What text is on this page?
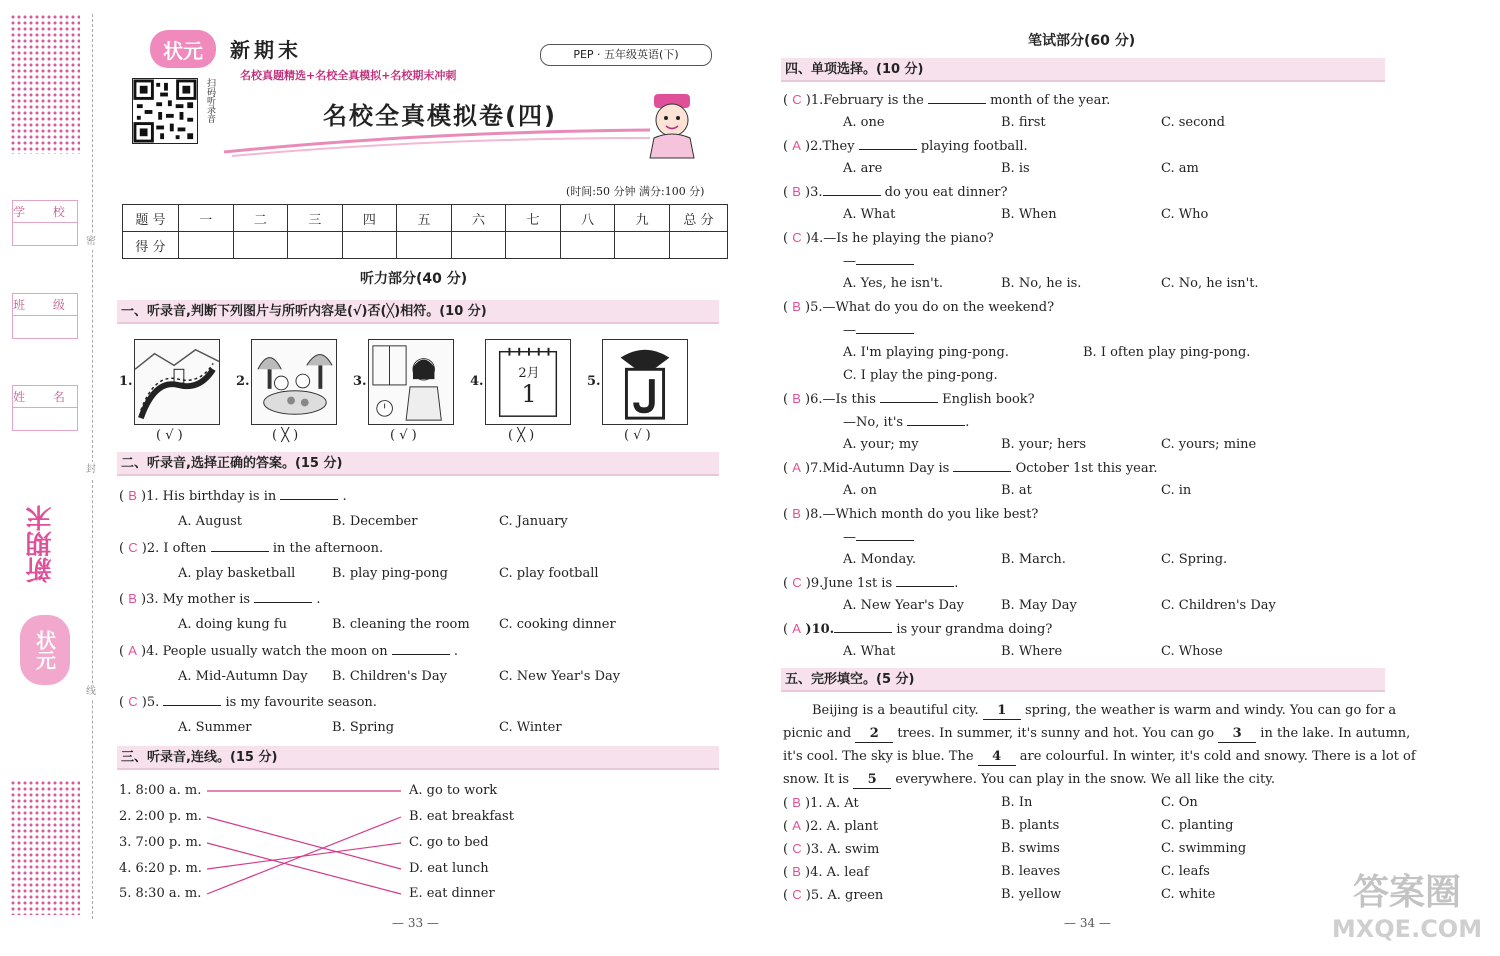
学 校
班 级
姓 名
密
封
线
新期末
状元
状元 新期末	PEP · 五年级英语(下)
名校真题精选+名校全真模拟+名校期末冲刺
扫码听录音	名校全真模拟卷(四)
(时间:50 分钟 满分:100 分)
题 号	一	二	三	四	五	六	七	八	九	总 分
得 分										
听力部分(40 分)
一、听录音,判断下列图片与所听内容是(√)否(╳)相符。(10 分)
1.
( √ )
2.
( ╳ )
3.
( √ )
4.
2月
1
( ╳ )
5.
( √ )
二、听录音,选择正确的答案。(15 分)
( B )1. His birthday is in	.
A. August	B. December	C. January
( C )2. I often	in the afternoon.
A. play basketball	B. play ping-pong	C. play football
( B )3. My mother is	.
A. doing kung fu	B. cleaning the room C. cooking dinner
( A )4. People usually watch the moon on	.
A. Mid-Autumn Day B. Children's Day	C. New Year's Day
( C )5.	is my favourite season.
A. Summer	B. Spring	C. Winter
三、听录音,连线。(15 分)
1. 8:00 a. m.
2. 2:00 p. m.
3. 7:00 p. m.
4. 6:20 p. m.
5. 8:30 a. m.
A. go to work
B. eat breakfast
C. go to bed
D. eat lunch
E. eat dinner
— 33 —
笔试部分(60 分)
四、单项选择。(10 分)
( C )1.February is the	month of the year.
A. one	B. first	C. second
( A )2.They	playing football.
A. are	B. is	C. am
( B )3.	do you eat dinner?
A. What	B. When	C. Who
( C )4.—Is he playing the piano?
—
A. Yes, he isn't.	B. No, he is.	C. No, he isn't.
( B )5.—What do you do on the weekend?
—
A. I'm playing ping-pong.	B. I often play ping-pong.
C. I play the ping-pong.
( B )6.—Is this	English book?
—No, it's	.
A. your; my	B. your; hers	C. yours; mine
( A )7.Mid-Autumn Day is	October 1st this year.
A. on	B. at	C. in
( B )8.—Which month do you like best?
—
A. Monday.	B. March.	C. Spring.
( C )9.June 1st is	.
A. New Year's Day	B. May Day	C. Children's Day
( A )10.	is your grandma doing?
A. What	B. Where	C. Whose
五、完形填空。(5 分)
Beijing is a beautiful city. 1 spring, the weather is warm and windy. You can go for a
picnic and 2 trees. In summer, it's sunny and hot. You can go 3 in the lake. In autumn,
it's cool. The sky is blue. The 4 are colourful. In winter, it's cold and snowy. There is a lot of
snow. It is 5 everywhere. You can play in the snow. We all like the city.
( B )1. A. At	B. In	C. On
( A )2. A. plant	B. plants	C. planting
( C )3. A. swim	B. swims	C. swimming
( B )4. A. leaf	B. leaves	C. leafs
( C )5. A. green	B. yellow	C. white
— 34 —
答案圈
MXQE.COM
